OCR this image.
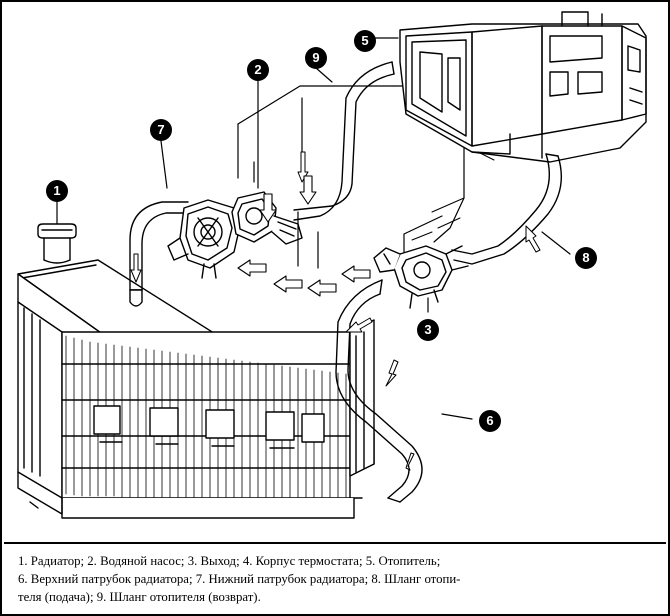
1
2
5
7
9
8
3
6
1. Радиатор; 2. Водяной насос; 3. Выход; 4. Корпус термостата; 5. Отопитель;
6. Верхний патрубок радиатора; 7. Нижний патрубок радиатора; 8. Шланг отопи-
теля (подача); 9. Шланг отопителя (возврат).
